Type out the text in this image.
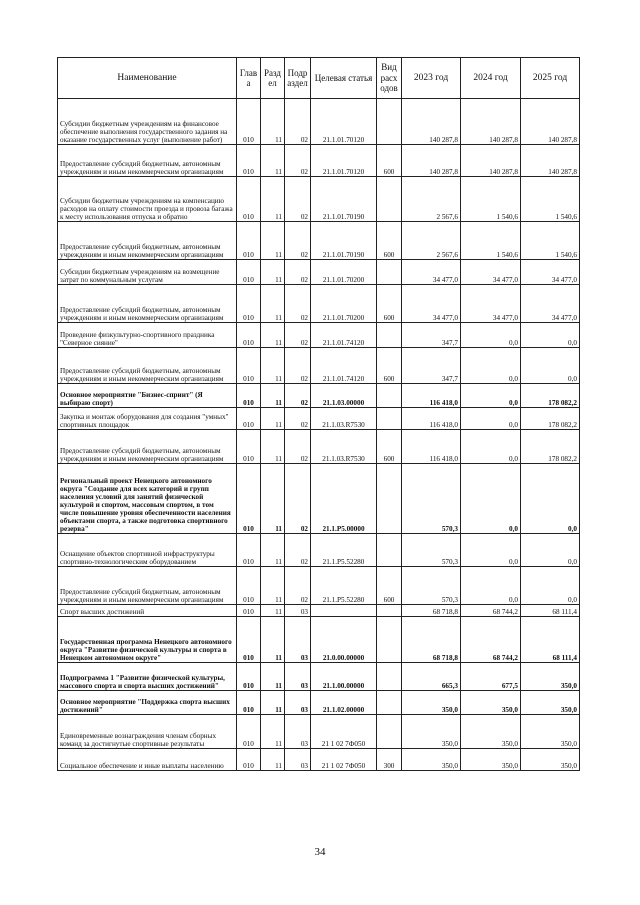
Наименование	Глав а	Разд ел	Подр аздел	Целевая статья	Вид расх одов	2023 год	2024 год	2025 год
Субсидии бюджетным учреждениям на финансовое обеспечение выполнения государственного задания на оказание государственных услуг (выполнение работ)	010	11	02	21.1.01.70120		140 287,8	140 287,8	140 287,8
Предоставление субсидий бюджетным, автономным учреждениям и иным некоммерческим организациям	010	11	02	21.1.01.70120	600	140 287,8	140 287,8	140 287,8
Субсидии бюджетным учреждениям на компенсацию расходов на оплату стоимости проезда и провоза багажа к месту использования отпуска и обратно	010	11	02	21.1.01.70190		2 567,6	1 540,6	1 540,6
Предоставление субсидий бюджетным, автономным учреждениям и иным некоммерческим организациям	010	11	02	21.1.01.70190	600	2 567,6	1 540,6	1 540,6
Субсидии бюджетным учреждениям на возмещение затрат по коммунальным услугам	010	11	02	21.1.01.70200		34 477,0	34 477,0	34 477,0
Предоставление субсидий бюджетным, автономным учреждениям и иным некоммерческим организациям	010	11	02	21.1.01.70200	600	34 477,0	34 477,0	34 477,0
Проведение физкультурно-спортивного праздника "Северное сияние"	010	11	02	21.1.01.74120		347,7	0,0	0,0
Предоставление субсидий бюджетным, автономным учреждениям и иным некоммерческим организациям	010	11	02	21.1.01.74120	600	347,7	0,0	0,0
Основное мероприятие "Бизнес-спринт" (Я выбираю спорт)	010	11	02	21.1.03.00000		116 418,0	0,0	178 082,2
Закупка и монтаж оборудования для создания "умных" спортивных площадок	010	11	02	21.1.03.R7530		116 418,0	0,0	178 082,2
Предоставление субсидий бюджетным, автономным учреждениям и иным некоммерческим организациям	010	11	02	21.1.03.R7530	600	116 418,0	0,0	178 082,2
Региональный проект Ненецкого автономного округа "Создание для всех категорий и групп населения условий для занятий физической культурой и спортом, массовым спортом, в том числе повышение уровня обеспеченности населения объектами спорта, а также подготовка спортивного резерва"	010	11	02	21.1.P5.00000		570,3	0,0	0,0
Оснащение объектов спортивной инфраструктуры спортивно-технологическим оборудованием	010	11	02	21.1.P5.52280		570,3	0,0	0,0
Предоставление субсидий бюджетным, автономным учреждениям и иным некоммерческим организациям	010	11	02	21.1.P5.52280	600	570,3	0,0	0,0
Спорт высших достижений	010	11	03			68 718,8	68 744,2	68 111,4
Государственная программа Ненецкого автономного округа "Развитие физической культуры и спорта в Ненецком автономном округе"	010	11	03	21.0.00.00000		68 718,8	68 744,2	68 111,4
Подпрограмма 1 "Развитие физической культуры, массового спорта и спорта высших достижений"	010	11	03	21.1.00.00000		665,3	677,5	350,0
Основное мероприятие "Поддержка спорта высших достижений"	010	11	03	21.1.02.00000		350,0	350,0	350,0
Единовременные вознаграждения членам сборных команд за достигнутые спортивные результаты	010	11	03	21 1 02 7Ф050		350,0	350,0	350,0
Социальное обеспечение и иные выплаты населению	010	11	03	21 1 02 7Ф050	300	350,0	350,0	350,0
34
